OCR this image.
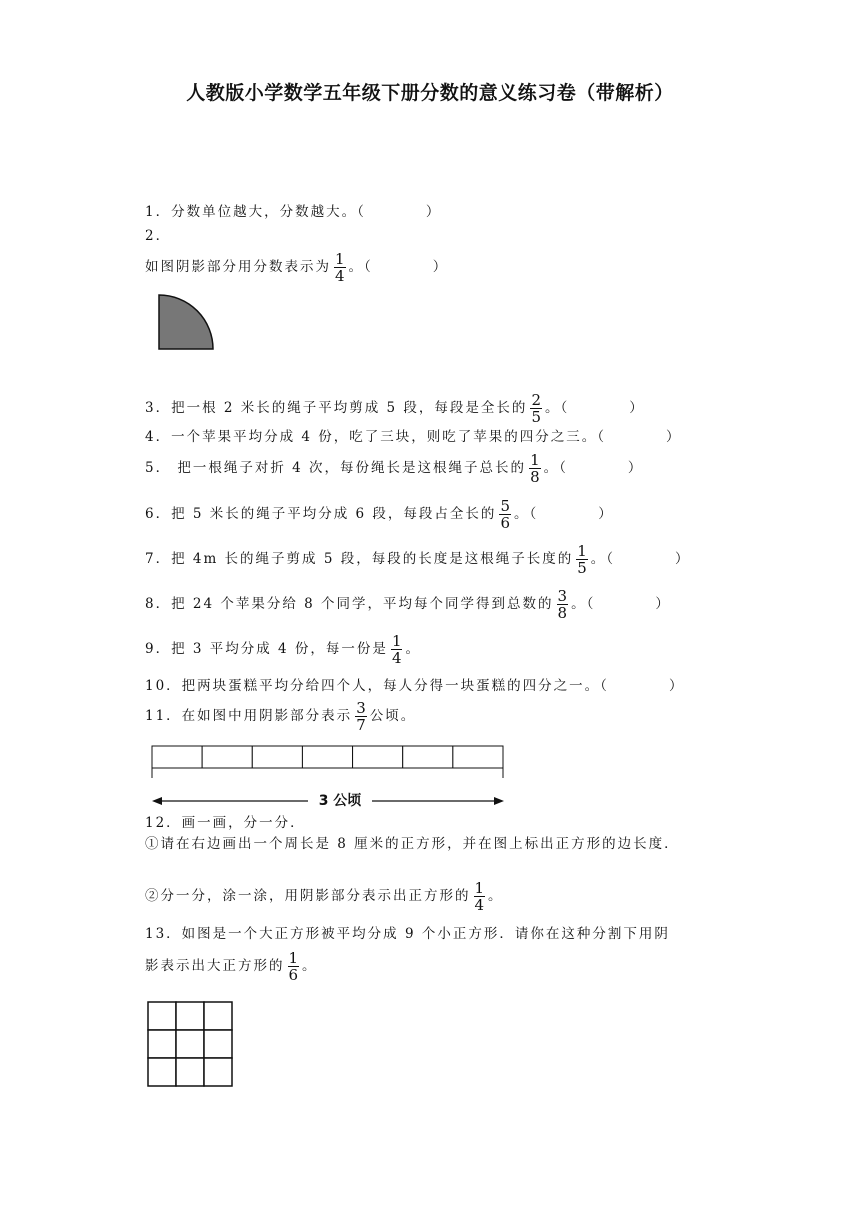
人教版小学数学五年级下册分数的意义练习卷（带解析）
1．分数单位越大，分数越大。（	）
2．
如图阴影部分用分数表示为 $\frac{1}{4}$ 。（	）
3．把一根 2 米长的绳子平均剪成 5 段，每段是全长的 $\frac{2}{5}$ 。（	）
4．一个苹果平均分成 4 份，吃了三块，则吃了苹果的四分之三。（	）
5． 把一根绳子对折 4 次，每份绳长是这根绳子总长的 $\frac{1}{8}$ 。（	）
6．把 5 米长的绳子平均分成 6 段，每段占全长的 $\frac{5}{6}$ 。（	）
7．把 4m 长的绳子剪成 5 段，每段的长度是这根绳子长度的 $\frac{1}{5}$ 。（	）
8．把 24 个苹果分给 8 个同学，平均每个同学得到总数的 $\frac{3}{8}$ 。（	）
9．把 3 平均分成 4 份，每一份是 $\frac{1}{4}$ 。
10．把两块蛋糕平均分给四个人，每人分得一块蛋糕的四分之一。（	）
11．在如图中用阴影部分表示 $\frac{3}{7}$ 公顷。
3 公顷
12．画一画，分一分．
①请在右边画出一个周长是 8 厘米的正方形，并在图上标出正方形的边长度．
②分一分，涂一涂，用阴影部分表示出正方形的 $\frac{1}{4}$ 。
13．如图是一个大正方形被平均分成 9 个小正方形．请你在这种分割下用阴
影表示出大正方形的 $\frac{1}{6}$ 。
